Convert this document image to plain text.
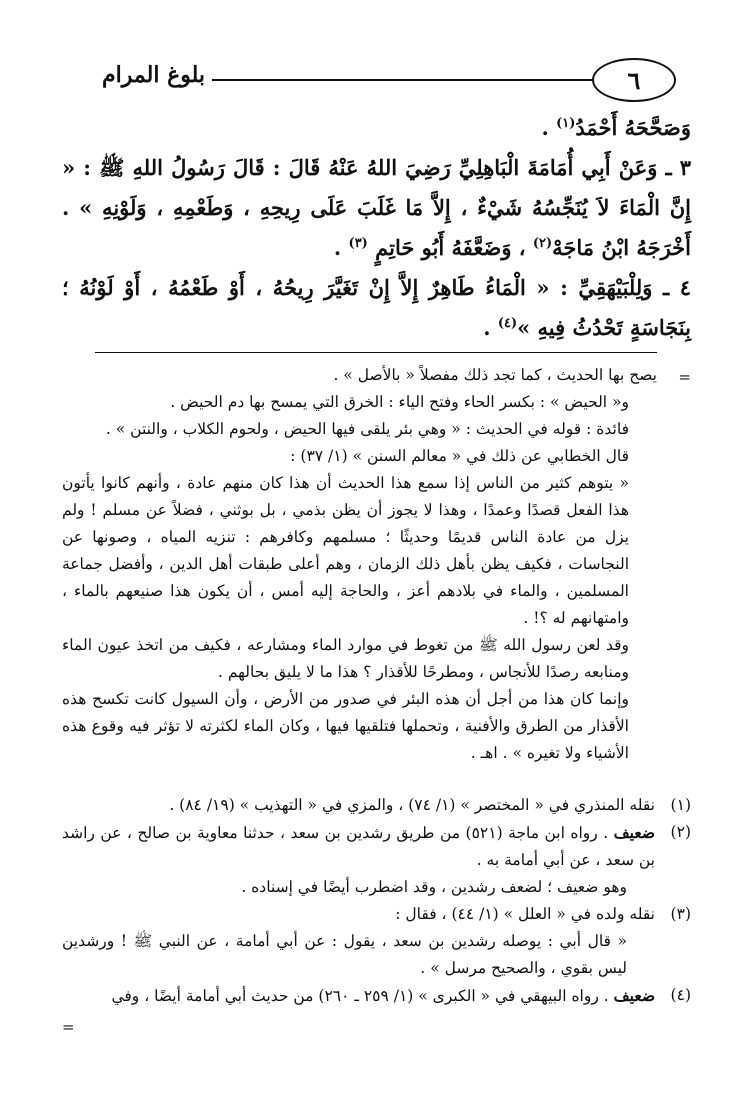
بلوغ المرام	٦

وَصَحَّحَهُ أَحْمَدُ$^{(١)}$ .

٣ ـ وَعَنْ أَبِي أُمَامَةَ الْبَاهِلِيِّ رَضِيَ اللهُ عَنْهُ قَالَ : قَالَ رَسُولُ اللهِ ﷺ : « إِنَّ الْمَاءَ لاَ يُنَجِّسُهُ شَيْءٌ ، إِلاَّ مَا غَلَبَ عَلَى رِيحِهِ ، وَطَعْمِهِ ، وَلَوْنِهِ » . أَخْرَجَهُ ابْنُ مَاجَهْ$^{(٢)}$ ، وَضَعَّفَهُ أَبُو حَاتِمٍ $^{(٣)}$ .

٤ ـ وَلِلْبَيْهَقِيِّ : « الْمَاءُ طَاهِرٌ إِلاَّ إِنْ تَغَيَّرَ رِيحُهُ ، أَوْ طَعْمُهُ ، أَوْ لَوْنُهُ ؛ بِنَجَاسَةٍ تَحْدُثُ فِيهِ »$^{(٤)}$ .

=

يصح بها الحديث ، كما تجد ذلك مفصلاً « بالأصل » .

و« الحيض » : بكسر الحاء وفتح الياء : الخرق التي يمسح بها دم الحيض .

فائدة : قوله في الحديث : « وهي بئر يلقى فيها الحيض ، ولحوم الكلاب ، والنتن » .

قال الخطابي عن ذلك في « معالم السنن » (١/ ٣٧) :

« يتوهم كثير من الناس إذا سمع هذا الحديث أن هذا كان منهم عادة ، وأنهم كانوا يأتون هذا الفعل قصدًا وعمدًا ، وهذا لا يجوز أن يظن بذمي ، بل بوثني ، فضلاً عن مسلم ! ولم يزل من عادة الناس قديمًا وحديثًا ؛ مسلمهم وكافرهم : تنزيه المياه ، وصونها عن النجاسات ، فكيف يظن بأهل ذلك الزمان ، وهم أعلى طبقات أهل الدين ، وأفضل جماعة المسلمين ، والماء في بلادهم أعز ، والحاجة إليه أمس ، أن يكون هذا صنيعهم بالماء ، وامتهانهم له ؟! .

وقد لعن رسول الله ﷺ من تغوط في موارد الماء ومشارعه ، فكيف من اتخذ عيون الماء ومنابعه رصدًا للأنجاس ، ومطرحًا للأقذار ؟ هذا ما لا يليق بحالهم .

وإنما كان هذا من أجل أن هذه البئر في صدور من الأرض ، وأن السيول كانت تكسح هذه الأقذار من الطرق والأفنية ، وتحملها فتلقيها فيها ، وكان الماء لكثرته لا تؤثر فيه وقوع هذه الأشياء ولا تغيره » . اهـ .

(١)
نقله المنذري في « المختصر » (١/ ٧٤) ، والمزي في « التهذيب » (١٩/ ٨٤) .
(٢)
ضعيف . رواه ابن ماجة (٥٢١) من طريق رشدين بن سعد ، حدثنا معاوية بن صالح ، عن راشد بن سعد ، عن أبي أمامة به .
وهو ضعيف ؛ لضعف رشدين ، وقد اضطرب أيضًا في إسناده .
(٣)
نقله ولده في « العلل » (١/ ٤٤) ، فقال :
« قال أبي : يوصله رشدين بن سعد ، يقول : عن أبي أمامة ، عن النبي ﷺ ! ورشدين ليس بقوي ، والصحيح مرسل » .
(٤)
ضعيف . رواه البيهقي في « الكبرى » (١/ ٢٥٩ ـ ٢٦٠) من حديث أبي أمامة أيضًا ، وفي
=
